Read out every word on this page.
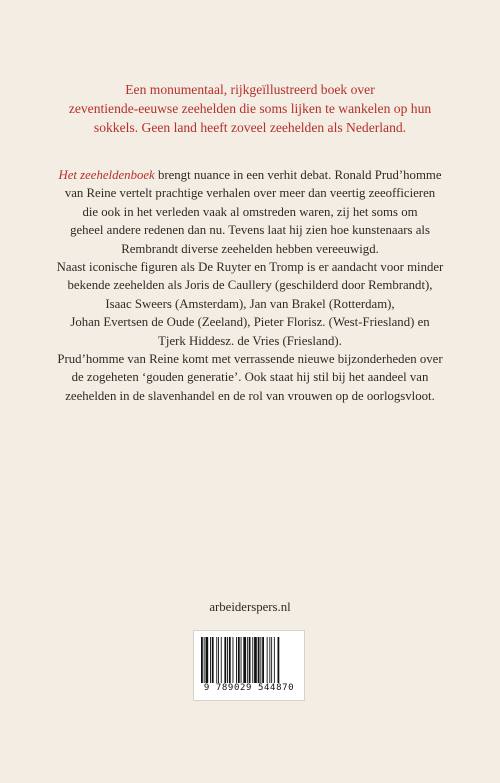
Een monumentaal, rijkgeïllustreerd boek over
zeventiende-eeuwse zeehelden die soms lijken te wankelen op hun
sokkels. Geen land heeft zoveel zeehelden als Nederland.
Het zeeheldenboek brengt nuance in een verhit debat. Ronald Prud’homme
van Reine vertelt prachtige verhalen over meer dan veertig zeeofficieren
die ook in het verleden vaak al omstreden waren, zij het soms om
geheel andere redenen dan nu. Tevens laat hij zien hoe kunstenaars als
Rembrandt diverse zeehelden hebben vereeuwigd.
Naast iconische figuren als De Ruyter en Tromp is er aandacht voor minder
bekende zeehelden als Joris de Caullery (geschilderd door Rembrandt),
Isaac Sweers (Amsterdam), Jan van Brakel (Rotterdam),
Johan Evertsen de Oude (Zeeland), Pieter Florisz. (West-Friesland) en
Tjerk Hiddesz. de Vries (Friesland).
Prud’homme van Reine komt met verrassende nieuwe bijzonderheden over
de zogeheten ‘gouden generatie’. Ook staat hij stil bij het aandeel van
zeehelden in de slavenhandel en de rol van vrouwen op de oorlogsvloot.
arbeiderspers.nl
9 789029 544870
